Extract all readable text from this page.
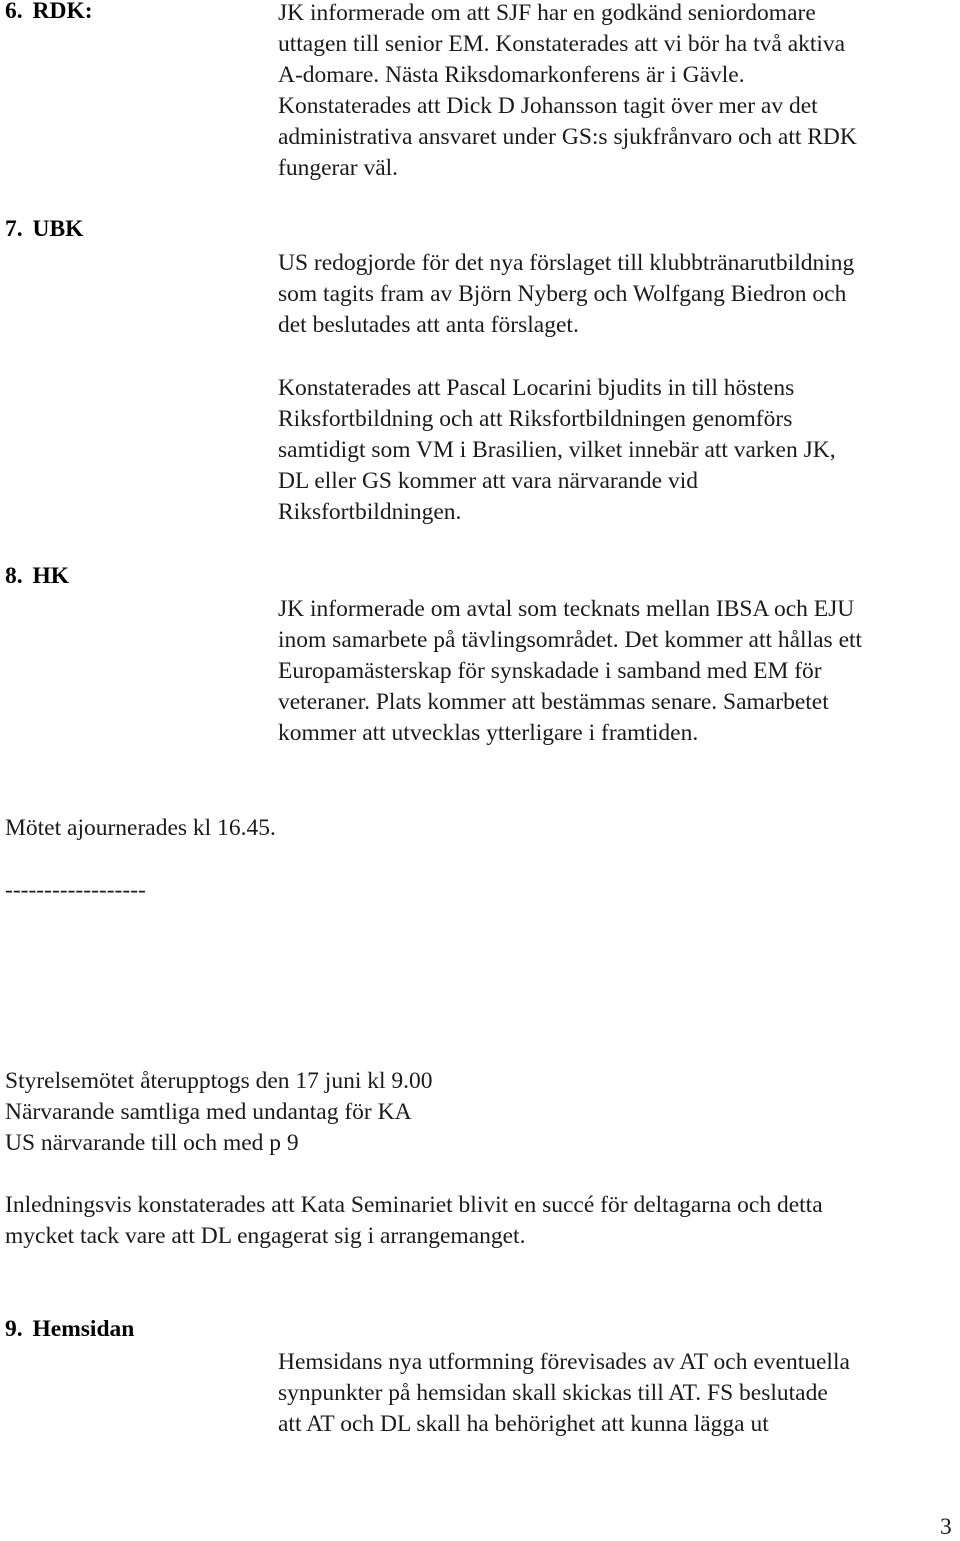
6. RDK:	JK informerade om att SJF har en godkänd seniordomare
uttagen till senior EM. Konstaterades att vi bör ha två aktiva
A-domare. Nästa Riksdomarkonferens är i Gävle.
Konstaterades att Dick D Johansson tagit över mer av det
administrativa ansvaret under GS:s sjukfrånvaro och att RDK
fungerar väl.
7. UBK
US redogjorde för det nya förslaget till klubbtränarutbildning
som tagits fram av Björn Nyberg och Wolfgang Biedron och
det beslutades att anta förslaget.
Konstaterades att Pascal Locarini bjudits in till höstens
Riksfortbildning och att Riksfortbildningen genomförs
samtidigt som VM i Brasilien, vilket innebär att varken JK,
DL eller GS kommer att vara närvarande vid
Riksfortbildningen.
8. HK
JK informerade om avtal som tecknats mellan IBSA och EJU
inom samarbete på tävlingsområdet. Det kommer att hållas ett
Europamästerskap för synskadade i samband med EM för
veteraner. Plats kommer att bestämmas senare. Samarbetet
kommer att utvecklas ytterligare i framtiden.
Mötet ajournerades kl 16.45.
------------------
Styrelsemötet återupptogs den 17 juni kl 9.00
Närvarande samtliga med undantag för KA
US närvarande till och med p 9
Inledningsvis konstaterades att Kata Seminariet blivit en succé för deltagarna och detta
mycket tack vare att DL engagerat sig i arrangemanget.
9. Hemsidan
Hemsidans nya utformning förevisades av AT och eventuella
synpunkter på hemsidan skall skickas till AT. FS beslutade
att AT och DL skall ha behörighet att kunna lägga ut
3
